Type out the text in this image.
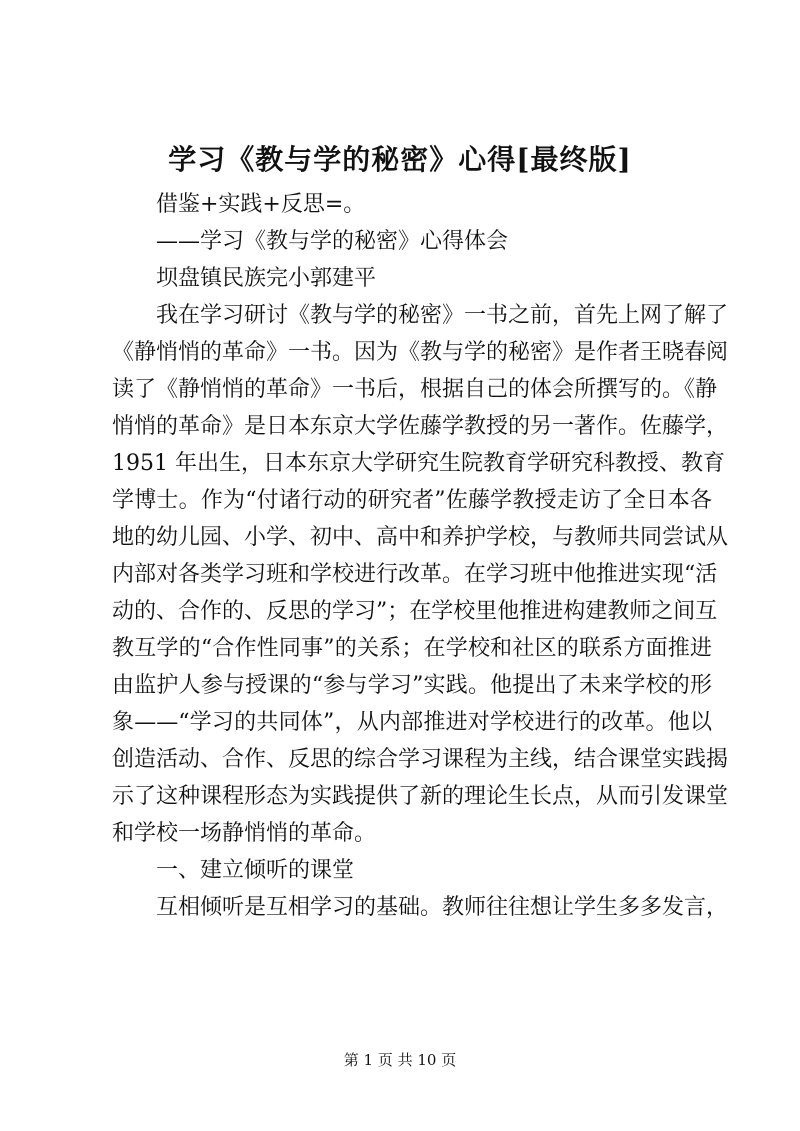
学习《教与学的秘密》心得[最终版]
借鉴+实践+反思=。
——学习《教与学的秘密》心得体会
坝盘镇民族完小郭建平
我在学习研讨《教与学的秘密》一书之前，首先上网了解了
《静悄悄的革命》一书。因为《教与学的秘密》是作者王晓春阅
读了《静悄悄的革命》一书后，根据自己的体会所撰写的。《静
悄悄的革命》是日本东京大学佐藤学教授的另一著作。佐藤学，
1951 年出生，日本东京大学研究生院教育学研究科教授、教育
学博士。作为“付诸行动的研究者”佐藤学教授走访了全日本各
地的幼儿园、小学、初中、高中和养护学校，与教师共同尝试从
内部对各类学习班和学校进行改革。在学习班中他推进实现“活
动的、合作的、反思的学习”；在学校里他推进构建教师之间互
教互学的“合作性同事”的关系；在学校和社区的联系方面推进
由监护人参与授课的“参与学习”实践。他提出了未来学校的形
象——“学习的共同体”，从内部推进对学校进行的改革。他以
创造活动、合作、反思的综合学习课程为主线，结合课堂实践揭
示了这种课程形态为实践提供了新的理论生长点，从而引发课堂
和学校一场静悄悄的革命。
一、建立倾听的课堂
互相倾听是互相学习的基础。教师往往想让学生多多发言，
第 1 页 共 10 页
